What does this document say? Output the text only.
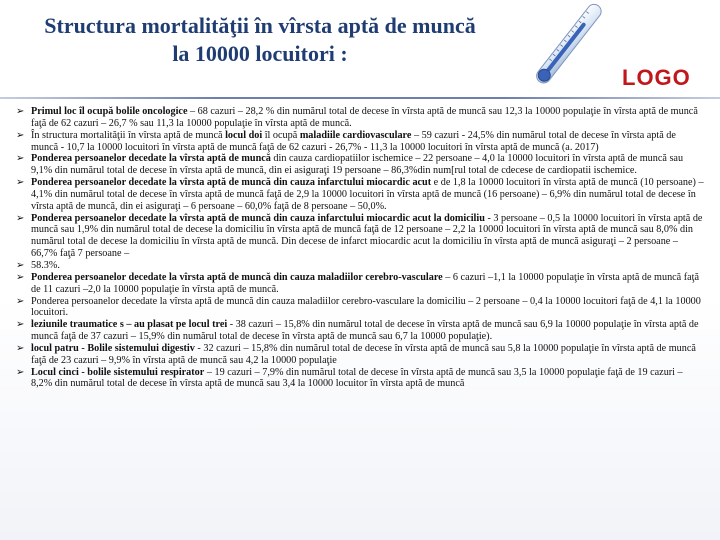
Structura mortalităţii în vîrsta aptă de muncă la 10000 locuitori :
LOGO
➢ Primul loc îl ocupă bolile oncologice – 68 cazuri – 28,2 % din numărul total de decese în vîrsta aptă de muncă sau 12,3 la 10000 populaţie în vîrsta aptă de muncă faţă de 62 cazuri – 26,7 % sau 11,3 la 10000 populaţie în vîrsta aptă de muncă.
➢ În structura mortalităţii în vîrsta aptă de muncă locul doi îl ocupă maladiile cardiovasculare – 59 cazuri - 24,5% din numărul total de decese în vîrsta aptă de muncă - 10,7 la 10000 locuitori în vîrsta aptă de muncă faţă de 62 cazuri - 26,7% - 11,3 la 10000 locuitori în vîrsta aptă de muncă (a. 2017)
➢ Ponderea persoanelor decedate la vîrsta aptă de muncă din cauza cardiopatiilor ischemice – 22 persoane – 4,0 la 10000 locuitori în vîrsta aptă de muncă sau 9,1% din numărul total de decese în vîrsta aptă de muncă, din ei asiguraţi 19 persoane – 86,3%din num[rul total de cdecese de cardiopatii ischemice.
➢ Ponderea persoanelor decedate la vîrsta aptă de muncă din cauza infarctului miocardic acut e de 1,8 la 10000 locuitori în vîrsta aptă de muncă (10 persoane) – 4,1% din numărul total de decese în vîrsta aptă de muncă faţă de 2,9 la 10000 locuitori în vîrsta aptă de muncă (16 persoane) – 6,9% din numărul total de decese în vîrsta aptă de muncă, din ei asiguraţi – 6 persoane – 60,0% faţă de 8 persoane – 50,0%.
➢ Ponderea persoanelor decedate la vîrsta aptă de muncă din cauza infarctului miocardic acut la domiciliu - 3 persoane – 0,5 la 10000 locuitori în vîrsta aptă de muncă sau 1,9% din numărul total de decese la domiciliu în vîrsta aptă de muncă faţă de 12 persoane – 2,2 la 10000 locuitori în vîrsta aptă de muncă sau 8,0% din numărul total de decese la domiciliu în vîrsta aptă de muncă. Din decese de infarct miocardic acut la domiciliu în vîrsta aptă de muncă asiguraţi – 2 persoane –66,7% faţă 7 persoane –
➢ 58.3%.
➢ Ponderea persoanelor decedate la vîrsta aptă de muncă din cauza maladiilor cerebro-vasculare – 6 cazuri –1,1 la 10000 populaţie în vîrsta aptă de muncă faţă de 11 cazuri –2,0 la 10000 populaţie în vîrsta aptă de muncă.
➢ Ponderea persoanelor decedate la vîrsta aptă de muncă din cauza maladiilor cerebro-vasculare la domiciliu – 2 persoane – 0,4 la 10000 locuitori faţă de 4,1 la 10000 locuitori.
➢ leziunile traumatice s – au plasat pe locul trei - 38 cazuri – 15,8% din numărul total de decese în vîrsta aptă de muncă sau 6,9 la 10000 populaţie în vîrsta aptă de muncă faţă de 37 cazuri – 15,9% din numărul total de decese în vîrsta aptă de muncă sau 6,7 la 10000 populaţie).
➢ locul patru - Bolile sistemului digestiv - 32 cazuri – 15,8% din numărul total de decese în vîrsta aptă de muncă sau 5,8 la 10000 populaţie în vîrsta aptă de muncă faţă de 23 cazuri – 9,9% în vîrsta aptă de muncă sau 4,2 la 10000 populaţie
➢ Locul cinci - bolile sistemului respirator – 19 cazuri – 7,9% din numărul total de decese în vîrsta aptă de muncă sau 3,5 la 10000 populaţie faţă de 19 cazuri – 8,2% din numărul total de decese în vîrsta aptă de muncă sau 3,4 la 10000 locuitor în vîrsta aptă de muncă
